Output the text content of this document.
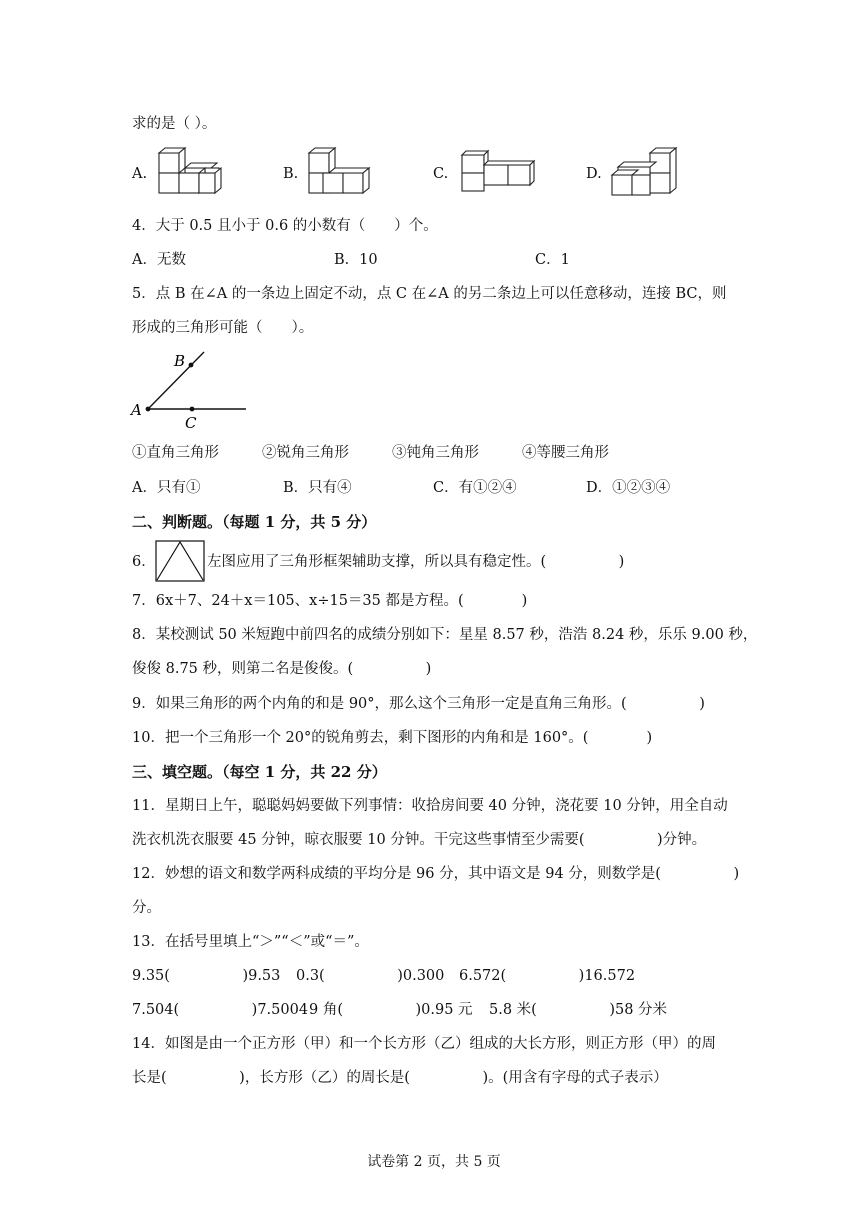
求的是（ ）。
A.	B.	C.	D.
4．大于 0.5 且小于 0.6 的小数有（　　）个。
A．无数	B．10	C．1
5．点 B 在∠A 的一条边上固定不动，点 C 在∠A 的另二条边上可以任意移动，连接 BC，则
形成的三角形可能（　　）。
A
B
C
①直角三角形	②锐角三角形	③钝角三角形	④等腰三角形
A．只有①	B．只有④	C．有①②④	D．①②③④
二、判断题。（每题 1 分，共 5 分）
6．	左图应用了三角形框架辅助支撑，所以具有稳定性。(　　　　　)
7．6x＋7、24＋x＝105、x÷15＝35 都是方程。(　　　　)
8．某校测试 50 米短跑中前四名的成绩分别如下：星星 8.57 秒，浩浩 8.24 秒，乐乐 9.00 秒，
俊俊 8.75 秒，则第二名是俊俊。(　　　　　)
9．如果三角形的两个内角的和是 90°，那么这个三角形一定是直角三角形。(　　　　　)
10．把一个三角形一个 20°的锐角剪去，剩下图形的内角和是 160°。(　　　　)
三、填空题。（每空 1 分，共 22 分）
11．星期日上午，聪聪妈妈要做下列事情：收拾房间要 40 分钟，浇花要 10 分钟，用全自动
洗衣机洗衣服要 45 分钟，晾衣服要 10 分钟。干完这些事情至少需要(　　　　　)分钟。
12．妙想的语文和数学两科成绩的平均分是 96 分，其中语文是 94 分，则数学是(　　　　　)
分。
13．在括号里填上“＞”“＜”或“＝”。
9.35(　　　　　)9.53 0.3(　　　　　)0.300 6.572(　　　　　)16.572
7.504(　　　　　)7.5004 9 角(　　　　　)0.95 元 5.8 米(　　　　　)58 分米
14．如图是由一个正方形（甲）和一个长方形（乙）组成的大长方形，则正方形（甲）的周
长是(　　　　　)，长方形（乙）的周长是(　　　　　)。(用含有字母的式子表示）
试卷第 2 页，共 5 页
